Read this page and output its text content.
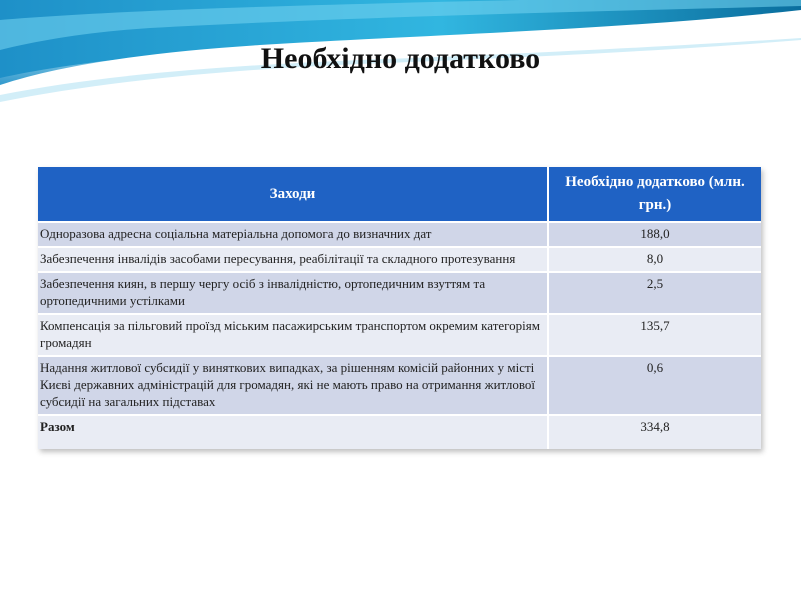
Необхідно додатково
Заходи	Необхідно додатково (млн. грн.)
Одноразова адресна соціальна матеріальна допомога до визначних дат	188,0
Забезпечення інвалідів засобами пересування, реабілітації та складного протезування	8,0
Забезпечення киян, в першу чергу осіб з інвалідністю, ортопедичним взуттям та ортопедичними устілками	2,5
Компенсація за пільговий проїзд міським пасажирським транспортом окремим категоріям громадян	135,7
Надання житлової субсидії у виняткових випадках, за рішенням комісій районних у місті Києві державних адміністрацій для громадян, які не мають право на отримання житлової субсидії на загальних підставах	0,6
Разом	334,8
